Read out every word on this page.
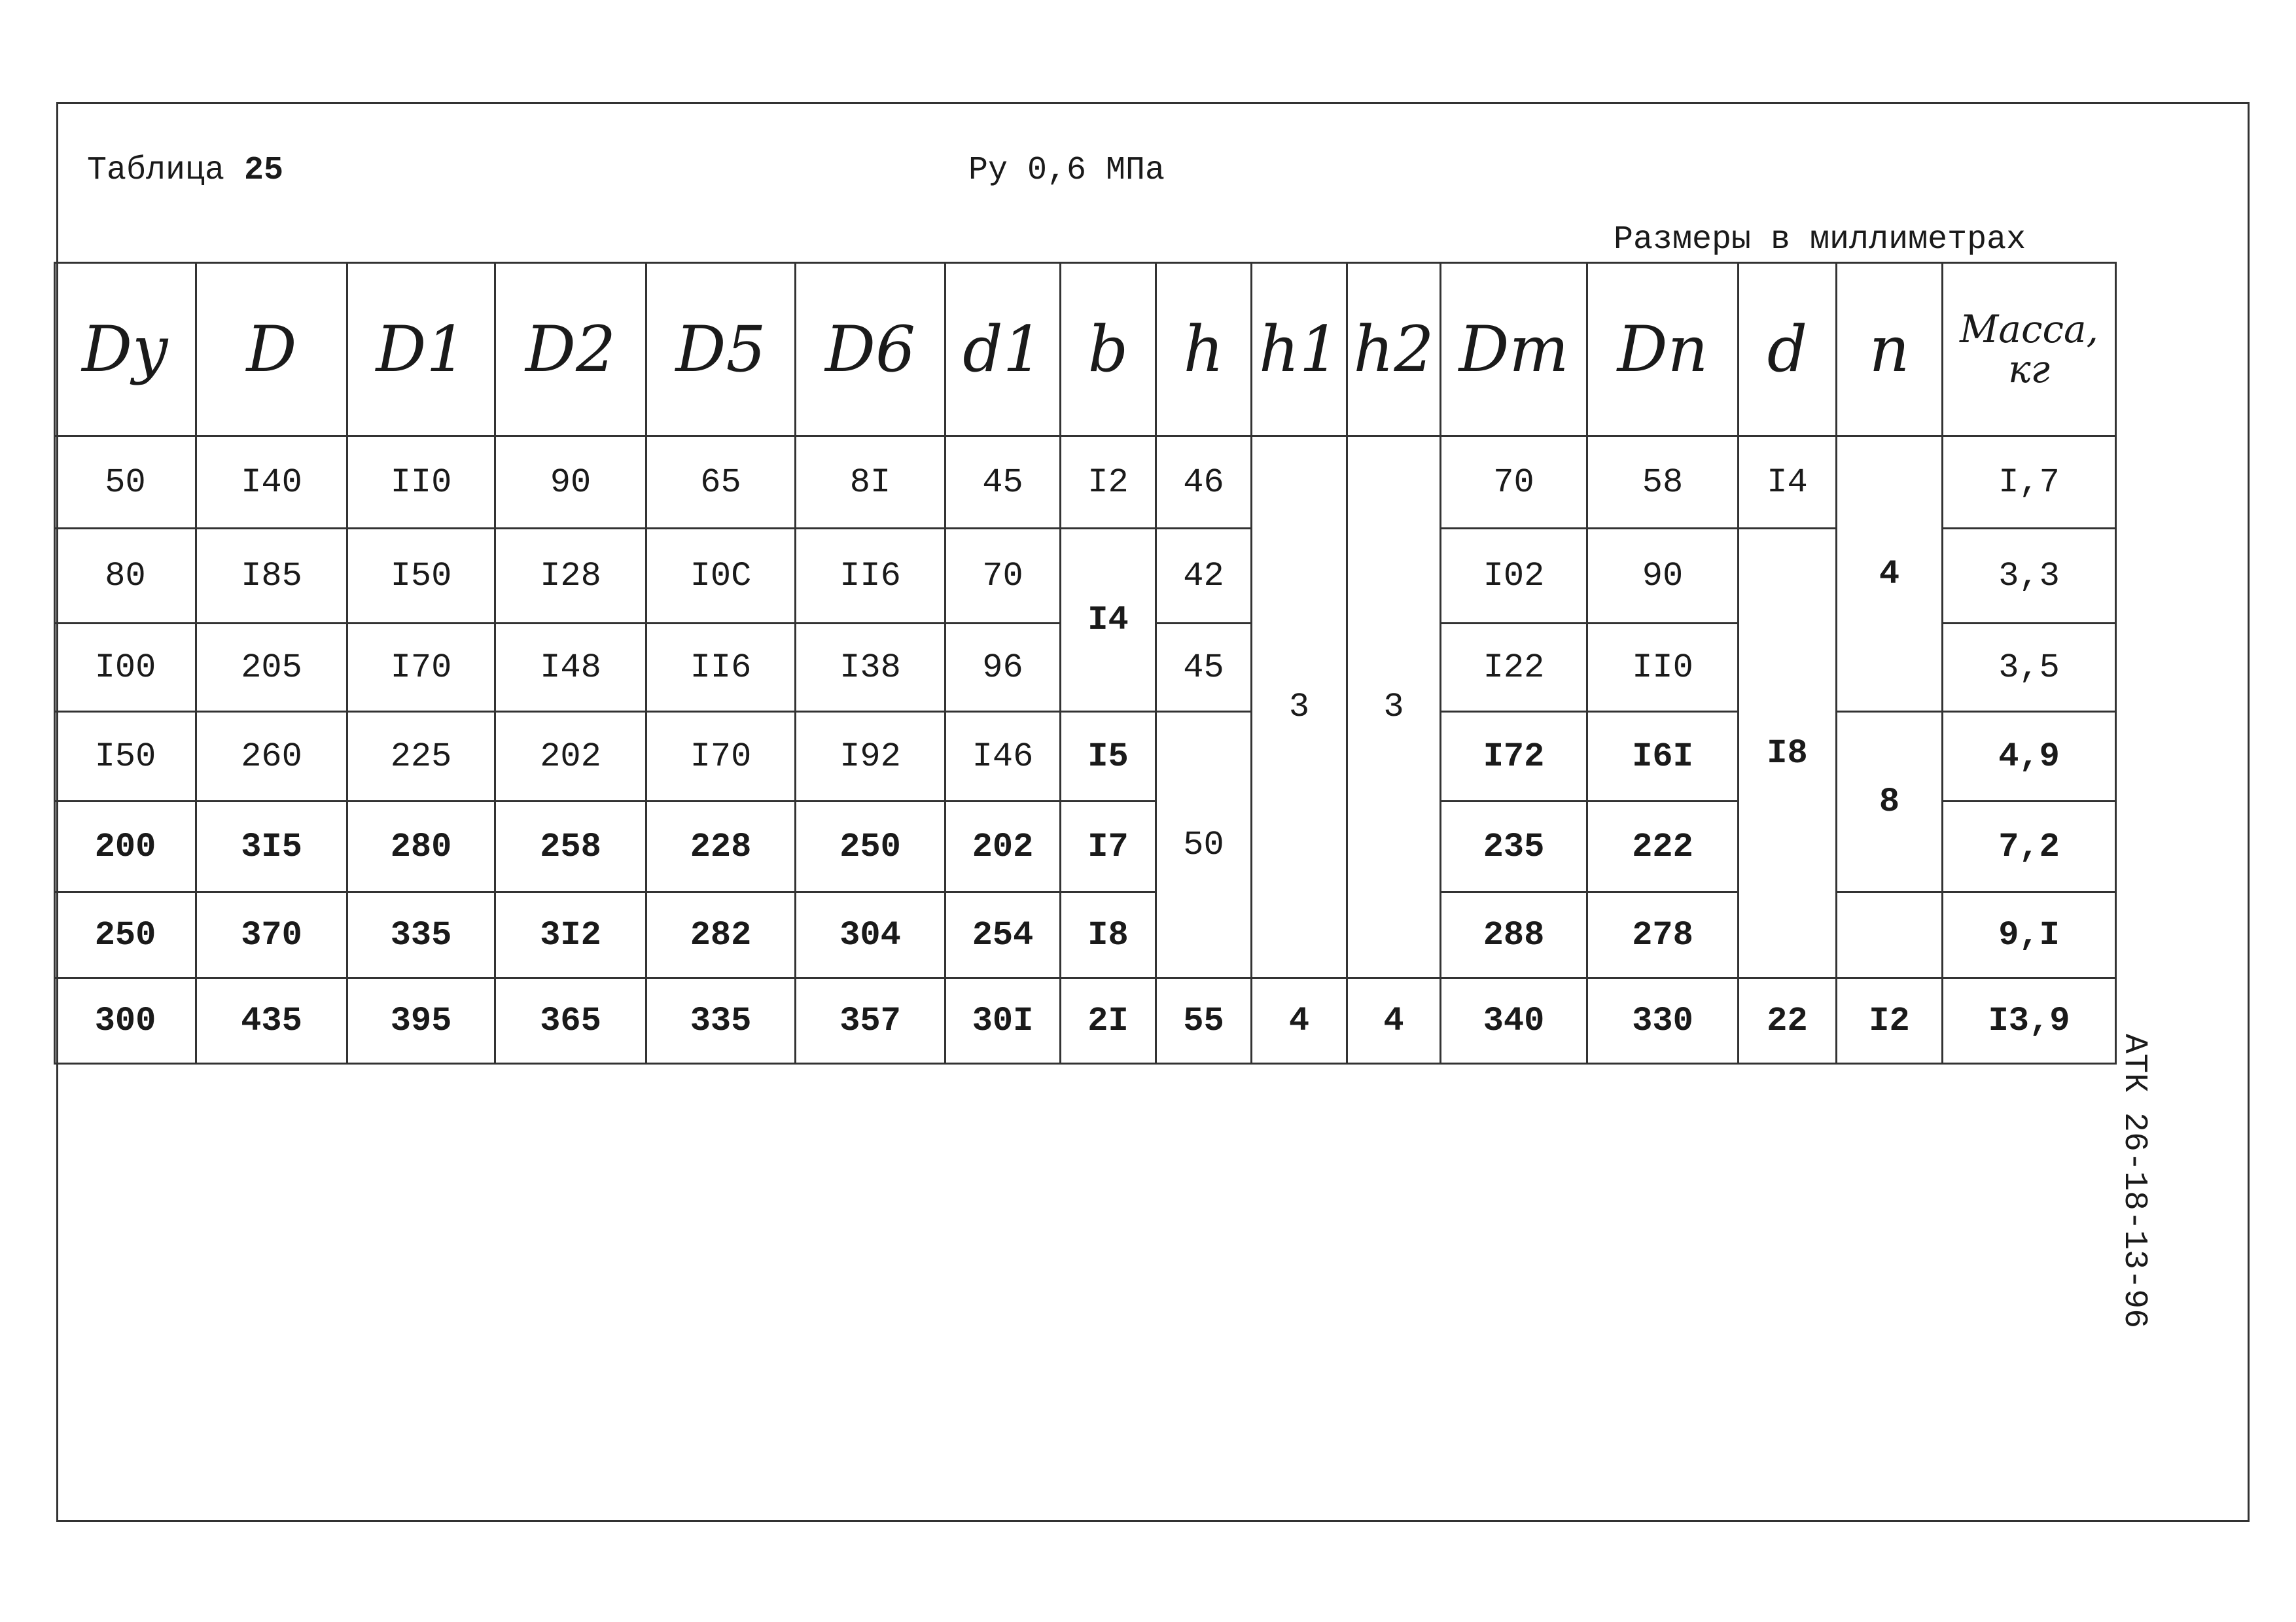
Таблица 25	Ру 0,6 МПа
Размеры в миллиметрах
АТК 26-18-13-96
Dу	D	D1	D2	D5	D6	d1	b	h	h1	h2	Dm	Dn	d	n	Масса, кг
50	I40	II0	90	65	8I	45	I2	46	3	3	70	58	I4	4	I,7
80	I85	I50	I28	I0C	II6	70	I4	42			I02	90	I8		3,3
I00	205	I70	I48	II6	I38	96		45			I22	II0			3,5
I50	260	225	202	I70	I92	I46	I5	50			I72	I6I		8	4,9
200	3I5	280	258	228	250	202	I7				235	222			7,2
250	370	335	3I2	282	304	254	I8				288	278			9,I
300	435	395	365	335	357	30I	2I	55	4	4	340	330	22	I2	I3,9
